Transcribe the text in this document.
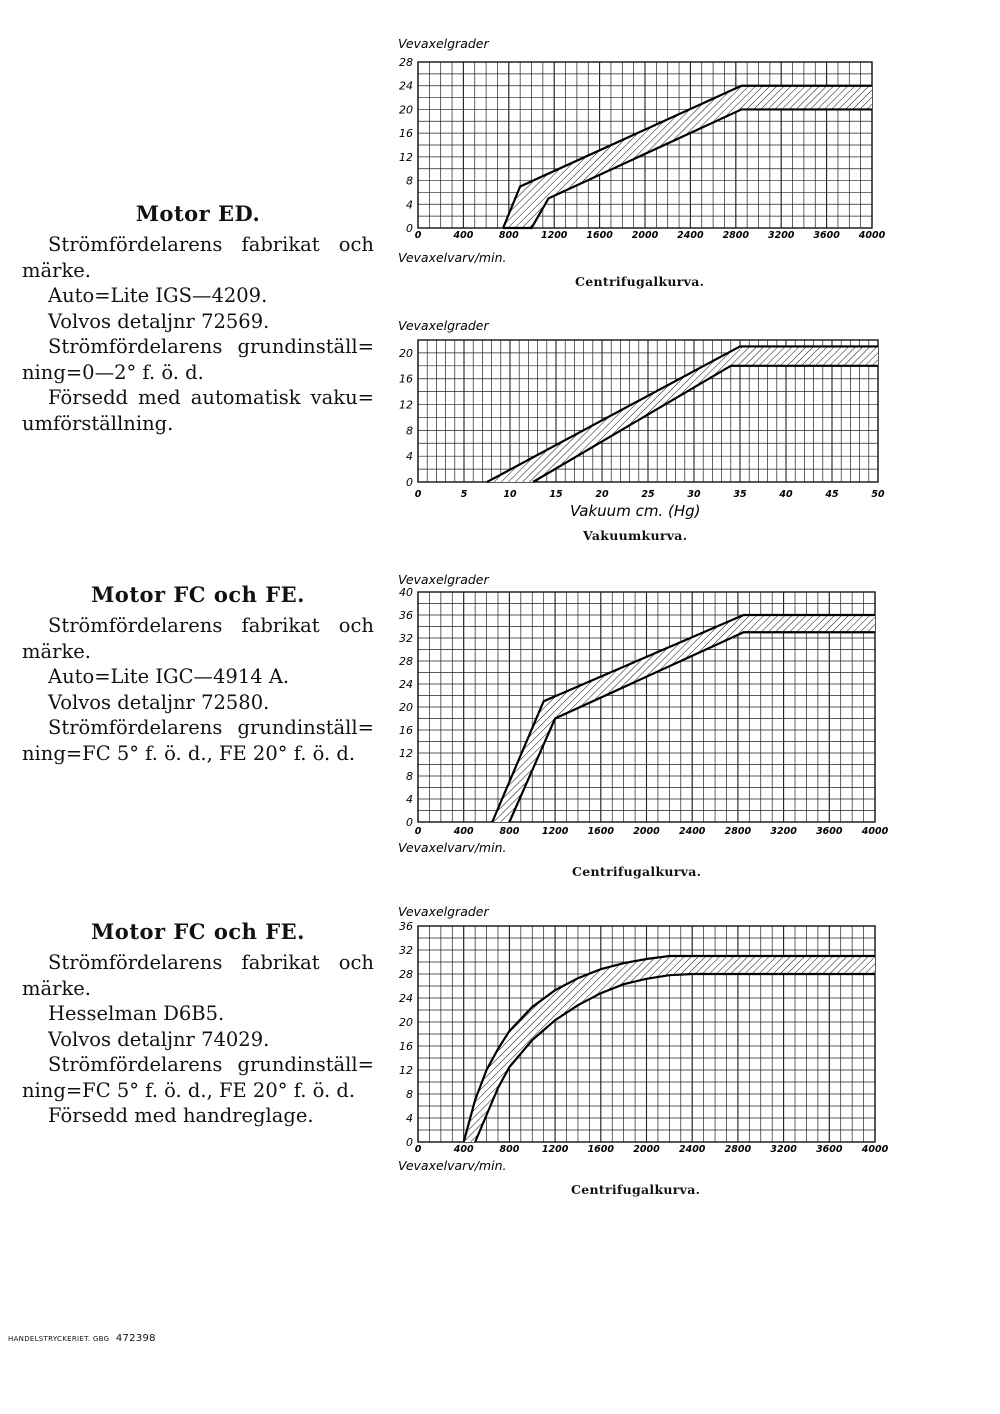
Motor ED.

Strömfördelarens fabrikat och märke.

Auto=Lite IGS—4209.

Volvos detaljnr 72569.

Strömfördelarens grundinställ= ning=0—2° f. ö. d.

Försedd med automatisk vaku= umförställning.

Motor FC och FE.

Strömfördelarens fabrikat och märke.

Auto=Lite IGC—4914 A.

Volvos detaljnr 72580.

Strömfördelarens grundinställ= ning=FC 5° f. ö. d., FE 20° f. ö. d.

Motor FC och FE.

Strömfördelarens fabrikat och märke.

Hesselman D6B5.

Volvos detaljnr 74029.

Strömfördelarens grundinställ= ning=FC 5° f. ö. d., FE 20° f. ö. d.

Försedd med handreglage.

0
4
8
12
16
20
24
28
0	400	800 1200 1600 2000 2400 2800 3200 3600 4000
Vevaxelgrader
Vevaxelvarv/min.
0
4
8
12
16
20
0	5	10	15	20	25	30	35	40	45	50
Vevaxelgrader
Vakuum cm. (Hg)
0
4
8
12
16
20
24
28
32
36
40
0	400	800 1200 1600 2000 2400 2800 3200 3600 4000
Vevaxelgrader
Vevaxelvarv/min.
0
4
8
12
16
20
24
28
32
36
0	400	800 1200 1600 2000 2400 2800 3200 3600 4000
Vevaxelgrader
Vevaxelvarv/min.
Centrifugalkurva.
Vakuumkurva.
Centrifugalkurva.
Centrifugalkurva.
HANDELSTRYCKERIET. GBG 472398
